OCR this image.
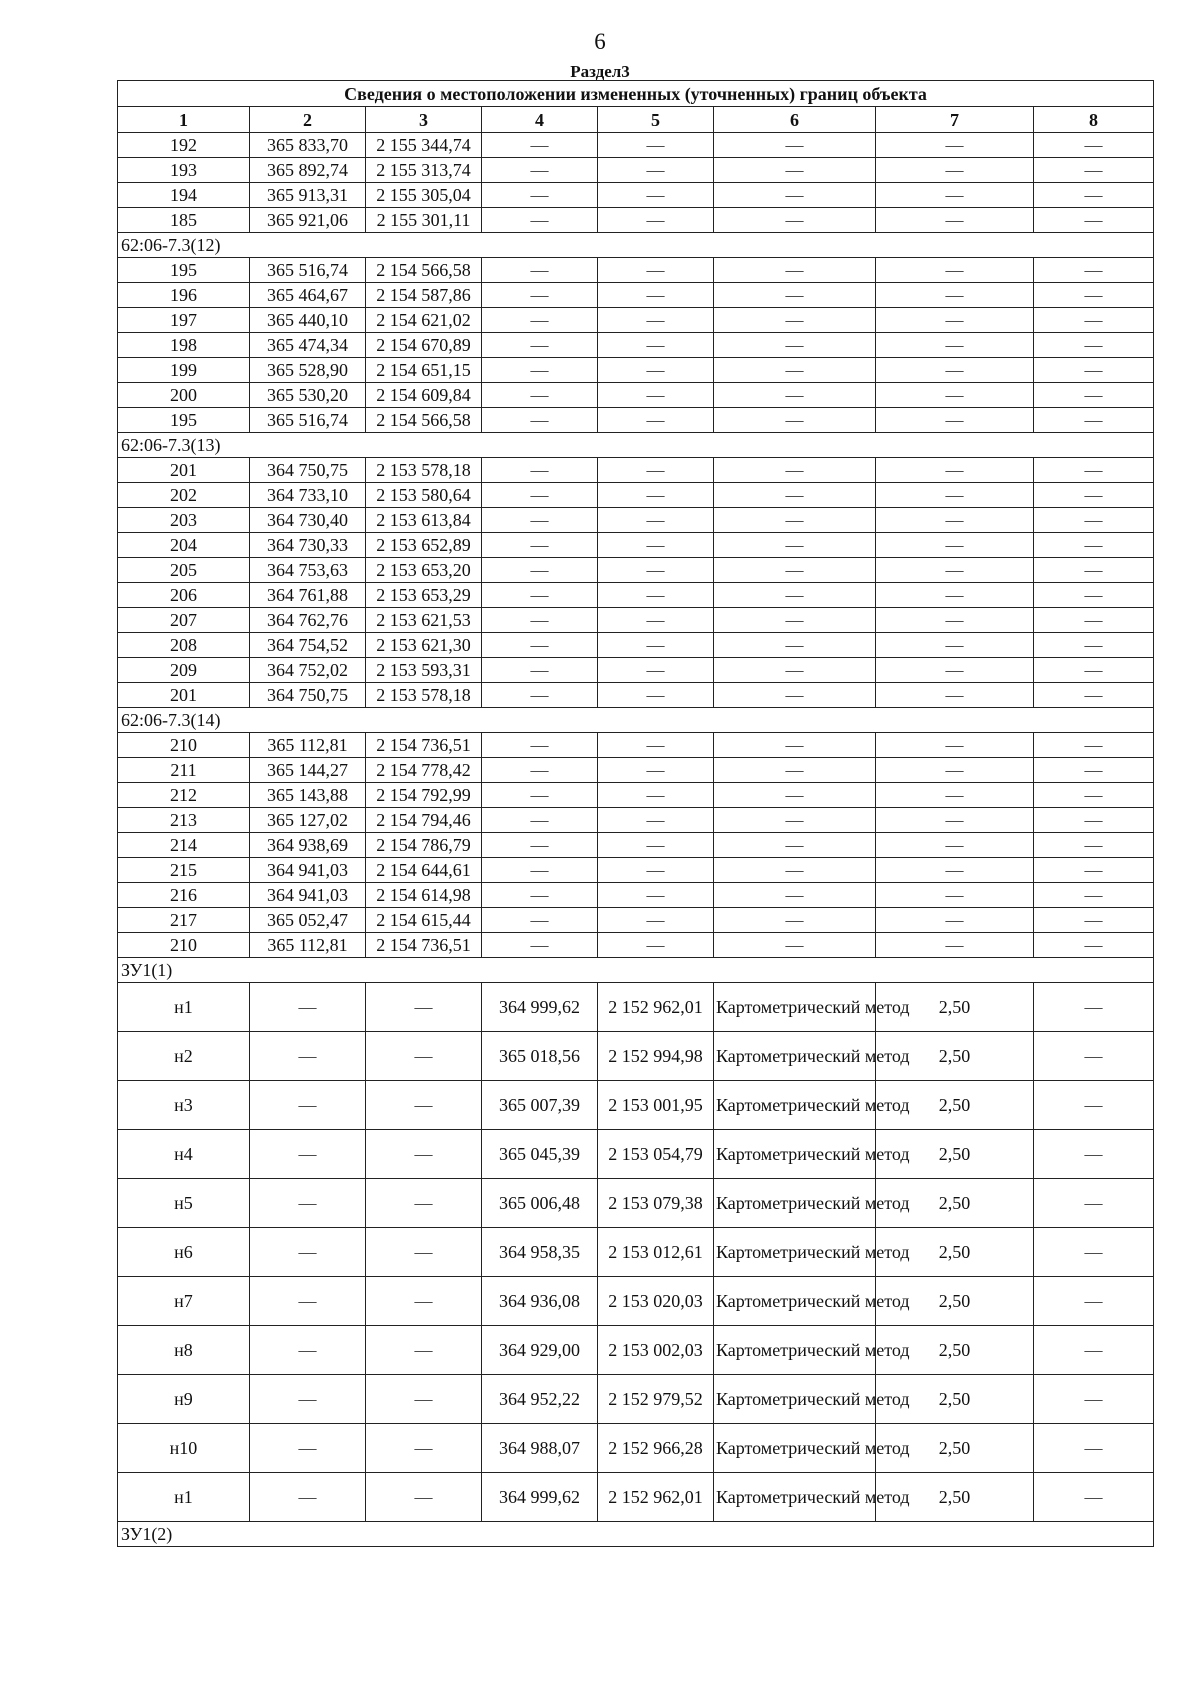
6
Раздел3
Сведения о местоположении измененных (уточненных) границ объекта							
1	2	3	4	5	6	7	8
192	365 833,70	2 155 344,74	—	—	—	—	—
193	365 892,74	2 155 313,74	—	—	—	—	—
194	365 913,31	2 155 305,04	—	—	—	—	—
185	365 921,06	2 155 301,11	—	—	—	—	—
62:06-7.3(12)							
195	365 516,74	2 154 566,58	—	—	—	—	—
196	365 464,67	2 154 587,86	—	—	—	—	—
197	365 440,10	2 154 621,02	—	—	—	—	—
198	365 474,34	2 154 670,89	—	—	—	—	—
199	365 528,90	2 154 651,15	—	—	—	—	—
200	365 530,20	2 154 609,84	—	—	—	—	—
195	365 516,74	2 154 566,58	—	—	—	—	—
62:06-7.3(13)							
201	364 750,75	2 153 578,18	—	—	—	—	—
202	364 733,10	2 153 580,64	—	—	—	—	—
203	364 730,40	2 153 613,84	—	—	—	—	—
204	364 730,33	2 153 652,89	—	—	—	—	—
205	364 753,63	2 153 653,20	—	—	—	—	—
206	364 761,88	2 153 653,29	—	—	—	—	—
207	364 762,76	2 153 621,53	—	—	—	—	—
208	364 754,52	2 153 621,30	—	—	—	—	—
209	364 752,02	2 153 593,31	—	—	—	—	—
201	364 750,75	2 153 578,18	—	—	—	—	—
62:06-7.3(14)							
210	365 112,81	2 154 736,51	—	—	—	—	—
211	365 144,27	2 154 778,42	—	—	—	—	—
212	365 143,88	2 154 792,99	—	—	—	—	—
213	365 127,02	2 154 794,46	—	—	—	—	—
214	364 938,69	2 154 786,79	—	—	—	—	—
215	364 941,03	2 154 644,61	—	—	—	—	—
216	364 941,03	2 154 614,98	—	—	—	—	—
217	365 052,47	2 154 615,44	—	—	—	—	—
210	365 112,81	2 154 736,51	—	—	—	—	—
ЗУ1(1)							
н1	—	—	364 999,62	2 152 962,01	Картометрический метод	2,50	—
н2	—	—	365 018,56	2 152 994,98	Картометрический метод	2,50	—
н3	—	—	365 007,39	2 153 001,95	Картометрический метод	2,50	—
н4	—	—	365 045,39	2 153 054,79	Картометрический метод	2,50	—
н5	—	—	365 006,48	2 153 079,38	Картометрический метод	2,50	—
н6	—	—	364 958,35	2 153 012,61	Картометрический метод	2,50	—
н7	—	—	364 936,08	2 153 020,03	Картометрический метод	2,50	—
н8	—	—	364 929,00	2 153 002,03	Картометрический метод	2,50	—
н9	—	—	364 952,22	2 152 979,52	Картометрический метод	2,50	—
н10	—	—	364 988,07	2 152 966,28	Картометрический метод	2,50	—
н1	—	—	364 999,62	2 152 962,01	Картометрический метод	2,50	—
ЗУ1(2)							
